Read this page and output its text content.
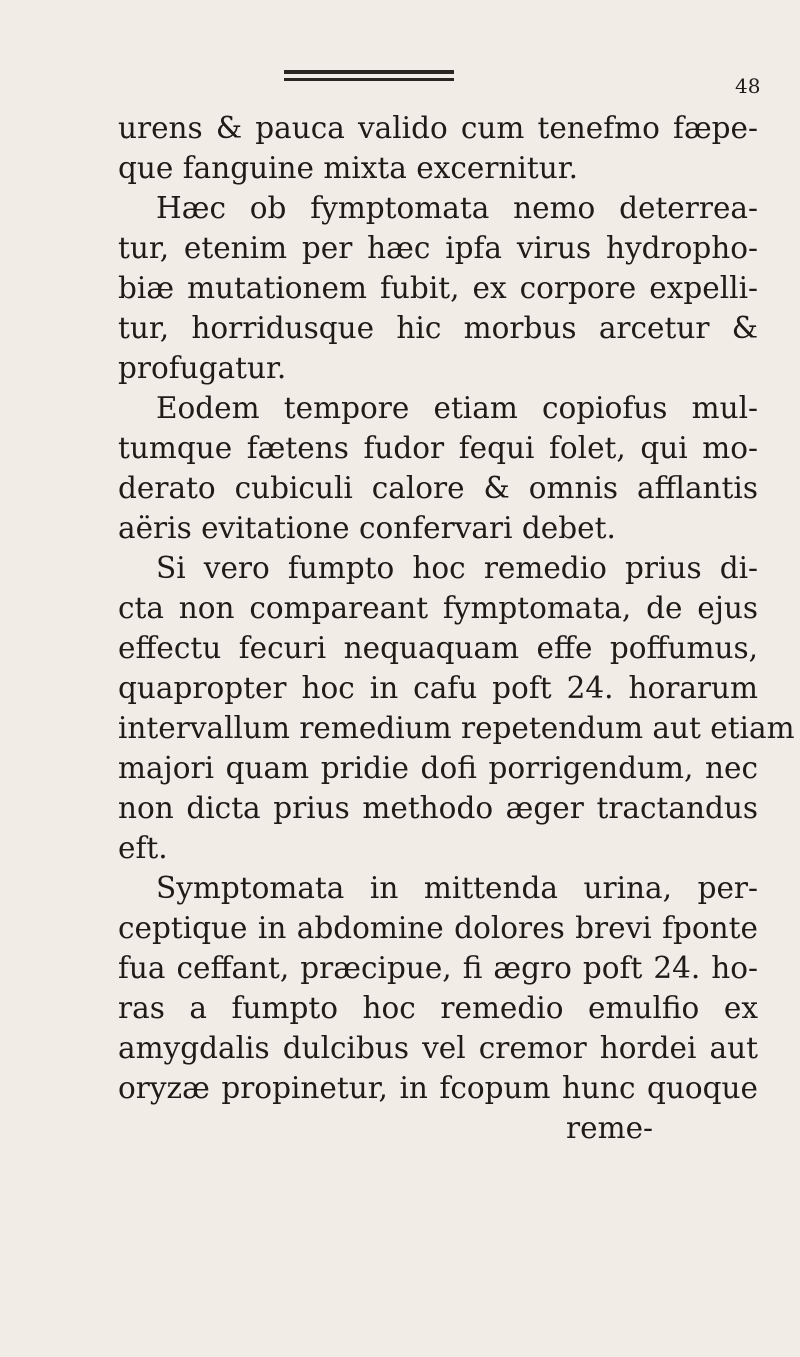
48
urens & pauca valido cum tenefmo fæpe-
que fanguine mixta excernitur.
Hæc ob fymptomata nemo deterrea-
tur, etenim per hæc ipfa virus hydropho-
biæ mutationem fubit, ex corpore expelli-
tur, horridusque hic morbus arcetur &
profugatur.
Eodem tempore etiam copiofus mul-
tumque fætens fudor fequi folet, qui mo-
derato cubiculi calore & omnis afflantis
aëris evitatione confervari debet.
Si vero fumpto hoc remedio prius di-
cta non compareant fymptomata, de ejus
effectu fecuri nequaquam effe poffumus,
quapropter hoc in cafu poft 24. horarum
intervallum remedium repetendum aut etiam
majori quam pridie dofi porrigendum, nec
non dicta prius methodo æger tractandus
eft.
Symptomata in mittenda urina, per-
ceptique in abdomine dolores brevi fponte
fua ceffant, præcipue, fi ægro poft 24. ho-
ras a fumpto hoc remedio emulfio ex
amygdalis dulcibus vel cremor hordei aut
oryzæ propinetur, in fcopum hunc quoque
reme-
